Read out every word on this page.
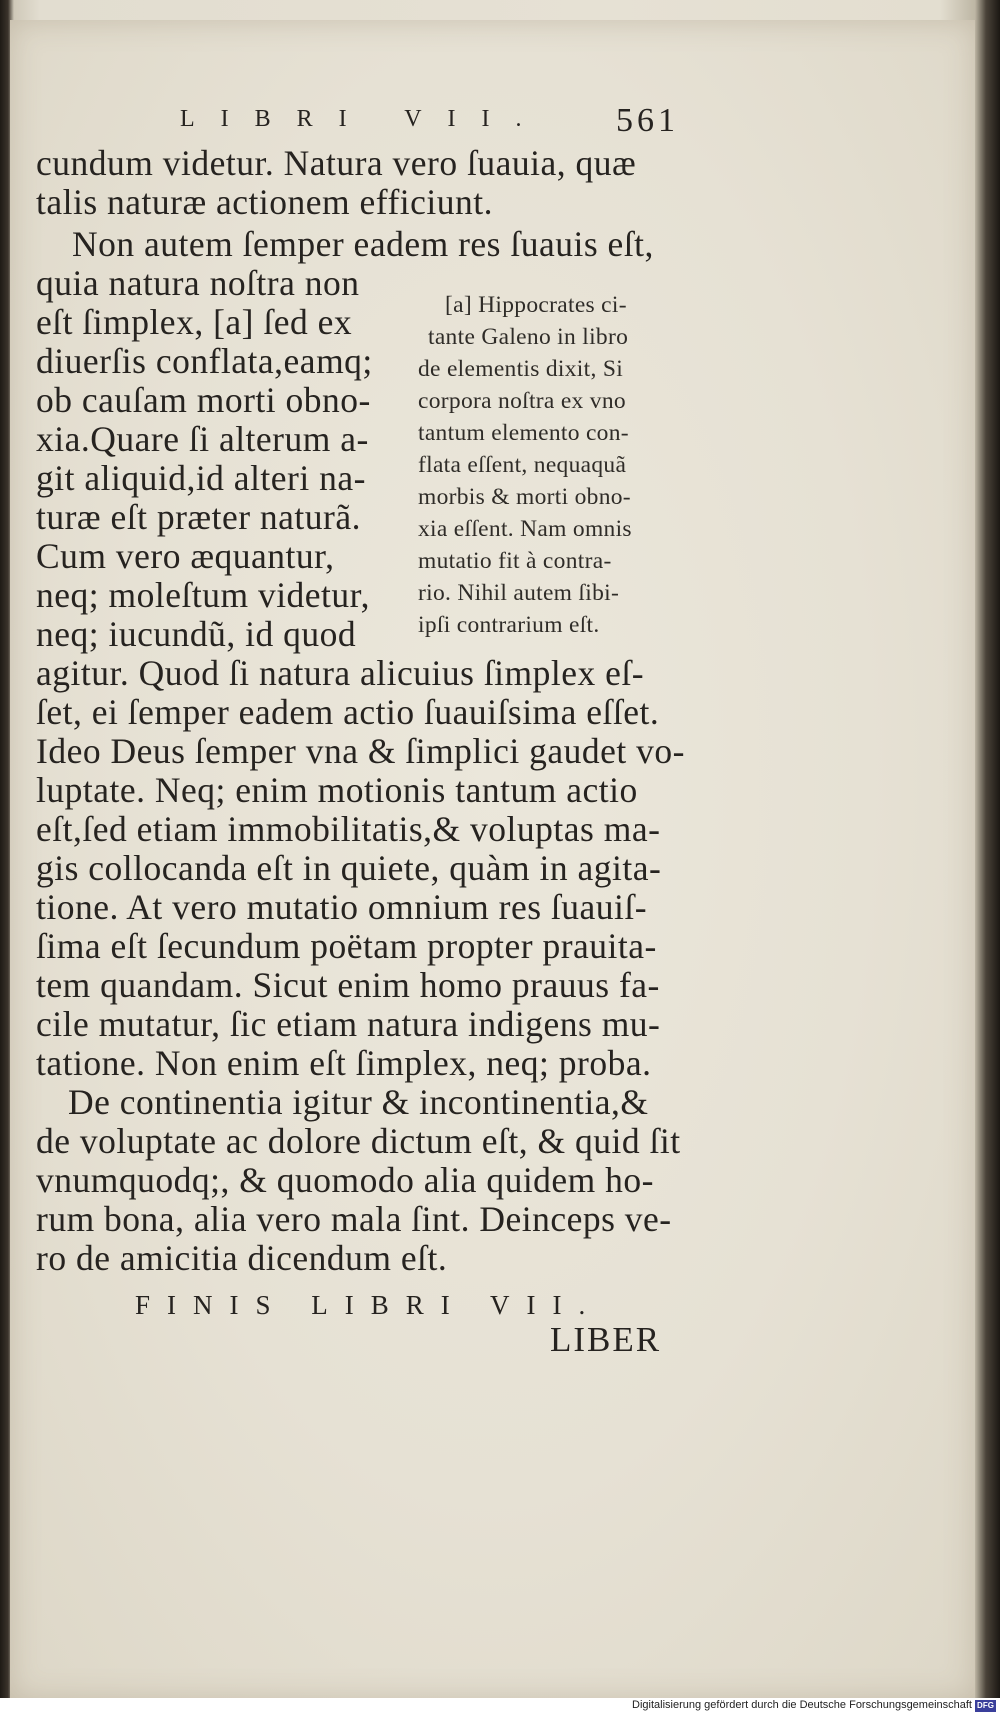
LIBRI VII. 561
cundum videtur. Natura vero ſuauia, quæ
talis naturæ actionem efficiunt.
Non autem ſemper eadem res ſuauis eſt,
quia natura noſtra non
eſt ſimplex, [a] ſed ex
diuerſis conflata,eamq;
ob cauſam morti obno-
xia.Quare ſi alterum a-
git aliquid,id alteri na-
turæ eſt præter naturã.
Cum vero æquantur,
neq; moleſtum videtur,
neq; iucundũ, id quod
agitur. Quod ſi natura alicuius ſimplex eſ-
ſet, ei ſemper eadem actio ſuauiſsima eſſet.
Ideo Deus ſemper vna & ſimplici gaudet vo-
luptate. Neq; enim motionis tantum actio
eſt,ſed etiam immobilitatis,& voluptas ma-
gis collocanda eſt in quiete, quàm in agita-
tione. At vero mutatio omnium res ſuauiſ-
ſima eſt ſecundum poëtam propter prauita-
tem quandam. Sicut enim homo prauus fa-
cile mutatur, ſic etiam natura indigens mu-
tatione. Non enim eſt ſimplex, neq; proba.
De continentia igitur & incontinentia,&
de voluptate ac dolore dictum eſt, & quid ſit
vnumquodq;, & quomodo alia quidem ho-
rum bona, alia vero mala ſint. Deinceps ve-
ro de amicitia dicendum eſt.
[a] Hippocrates ci-
tante Galeno in libro
de elementis dixit, Si
corpora noſtra ex vno
tantum elemento con-
flata eſſent, nequaquã
morbis & morti obno-
xia eſſent. Nam omnis
mutatio fit à contra-
rio. Nihil autem ſibi-
ipſi contrarium eſt.
FINIS LIBRI VII.
LIBER
Digitalisierung gefördert durch die Deutsche Forschungsgemeinschaft DFG
